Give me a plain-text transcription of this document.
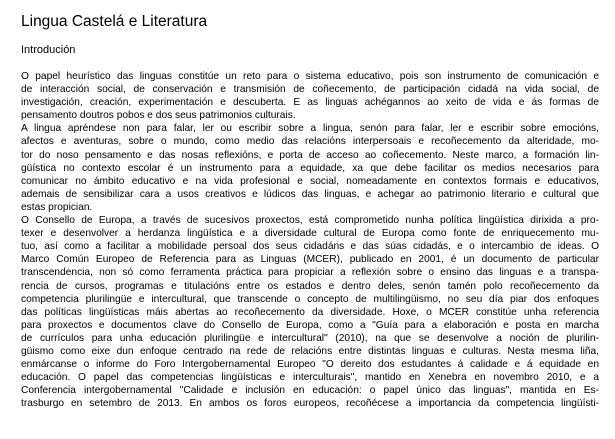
Lingua Castelá e Literatura
Introdución

O papel heurístico das linguas constitúe un reto para o sistema educativo, pois son instrumento de comunicación e

de interacción social, de conservación e transmisión de coñecemento, de participación cidadá na vida social, de

investigación, creación, experimentación e descuberta. E as linguas achégannos ao xeito de vida e ás formas de

pensamento doutros pobos e dos seus patrimonios culturais.

A lingua apréndese non para falar, ler ou escribir sobre a lingua, senón para falar, ler e escribir sobre emocións,

afectos e aventuras, sobre o mundo, como medio das relacións interpersoais e recoñecemento da alteridade, mo-

tor do noso pensamento e das nosas reflexións, e porta de acceso ao coñecemento. Neste marco, a formación lin-

güística no contexto escolar é un instrumento para a equidade, xa que debe facilitar os medios necesarios para

comunicar no ámbito educativo e na vida profesional e social, nomeadamente en contextos formais e educativos,

ademais de sensibilizar cara a usos creativos e lúdicos das linguas, e achegar ao patrimonio literario e cultural que

estas propician.

O Consello de Europa, a través de sucesivos proxectos, está comprometido nunha política lingüística dirixida a pro-

texer e desenvolver a herdanza lingüística e a diversidade cultural de Europa como fonte de enriquecemento mu-

tuo, así como a facilitar a mobilidade persoal dos seus cidadáns e das súas cidadás, e o intercambio de ideas. O

Marco Común Europeo de Referencia para as Linguas (MCER), publicado en 2001, é un documento de particular

transcendencia, non só como ferramenta práctica para propiciar a reflexión sobre o ensino das linguas e a transpa-

rencia de cursos, programas e titulacións entre os estados e dentro deles, senón tamén polo recoñecemento da

competencia plurilingüe e intercultural, que transcende o concepto de multilingüismo, no seu día piar dos enfoques

das políticas lingüísticas máis abertas ao recoñecemento da diversidade. Hoxe, o MCER constitúe unha referencia

para proxectos e documentos clave do Consello de Europa, como a "Guía para a elaboración e posta en marcha

de currículos para unha educación plurilingüe e intercultural" (2010), na que se desenvolve a noción de plurilin-

güismo como eixe dun enfoque centrado na rede de relacións entre distintas linguas e culturas. Nesta mesma liña,

enmárcanse o informe do Foro Intergobernamental Europeo "O dereito dos estudantes á calidade e á equidade en

educación. O papel das competencias lingüísticas e interculturais", mantido en Xenebra en novembro 2010, e a

Conferencia intergobernamental "Calidade e inclusión en educación: o papel único das linguas", mantida en Es-

trasburgo en setembro de 2013. En ambos os foros europeos, recoñécese a importancia da competencia lingüísti-
